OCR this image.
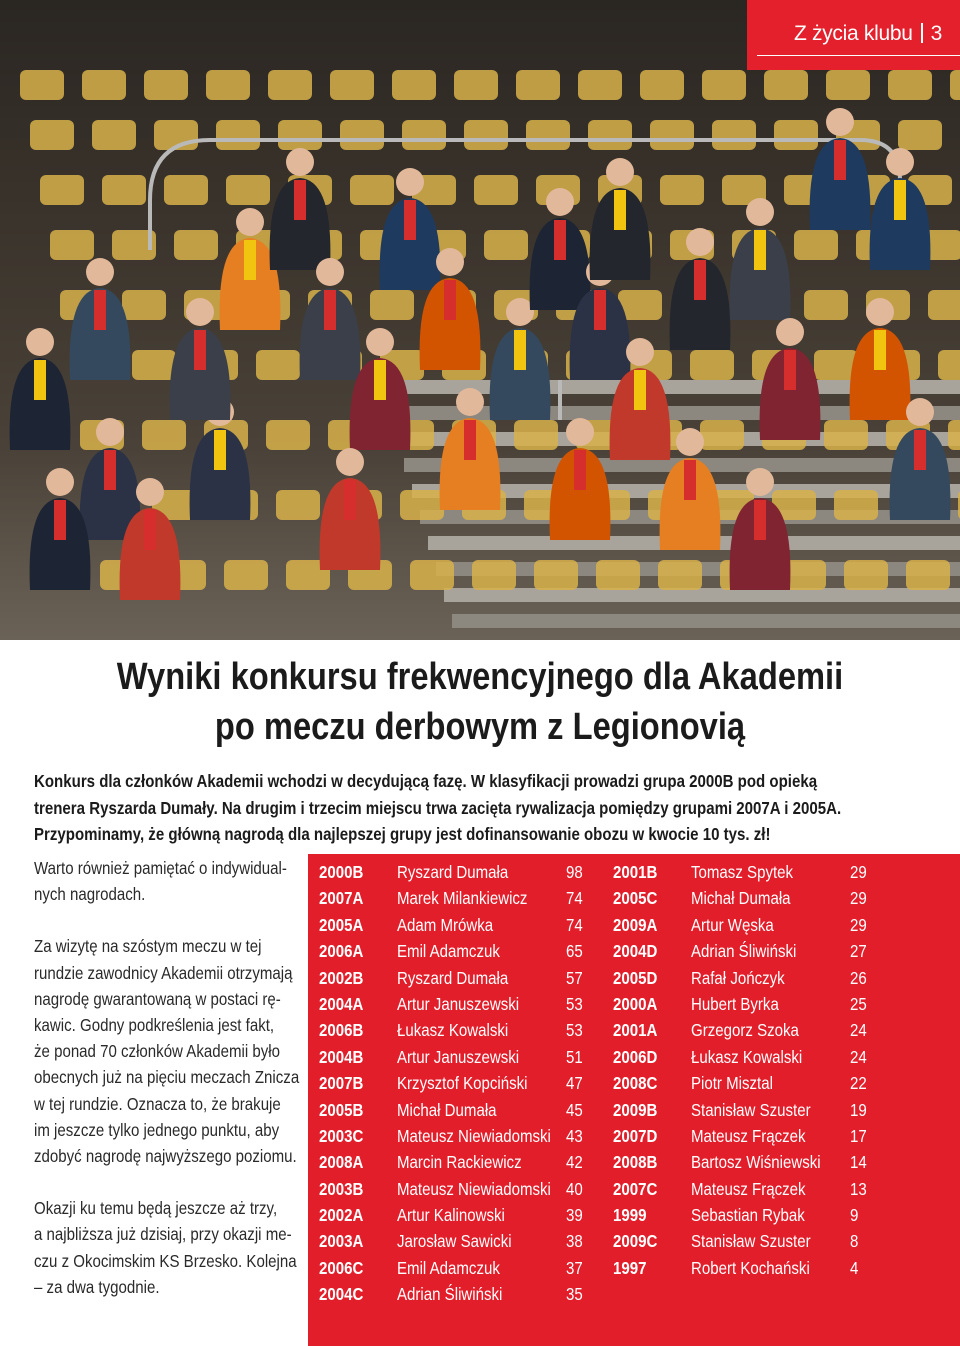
Z życia klubu 3
Wyniki konkursu frekwencyjnego dla Akademii
po meczu derbowym z Legionovią
Konkurs dla członków Akademii wchodzi w decydującą fazę. W klasyfikacji prowadzi grupa 2000B pod opieką
trenera Ryszarda Dumały. Na drugim i trzecim miejscu trwa zacięta rywalizacja pomiędzy grupami 2007A i 2005A.
Przypominamy, że główną nagrodą dla najlepszej grupy jest dofinansowanie obozu w kwocie 10 tys. zł!
Warto również pamiętać o indywidual-
nych nagrodach.
Za wizytę na szóstym meczu w tej
rundzie zawodnicy Akademii otrzymają
nagrodę gwarantowaną w postaci rę-
kawic. Godny podkreślenia jest fakt,
że ponad 70 członków Akademii było
obecnych już na pięciu meczach Znicza
w tej rundzie. Oznacza to, że brakuje
im jeszcze tylko jednego punktu, aby
zdobyć nagrodę najwyższego poziomu.
Okazji ku temu będą jeszcze aż trzy,
a najbliższa już dzisiaj, przy okazji me-
czu z Okocimskim KS Brzesko. Kolejna
– za dwa tygodnie.
2000B Ryszard Dumała	98
2007A Marek Milankiewicz 74
2005A Adam Mrówka	74
2006A Emil Adamczuk	65
2002B Ryszard Dumała	57
2004A Artur Januszewski	53
2006B Łukasz Kowalski	53
2004B Artur Januszewski	51
2007B Krzysztof Kopciński 47
2005B Michał Dumała	45
2003C Mateusz Niewiadomski 43
2008A Marcin Rackiewicz	42
2003B Mateusz Niewiadomski 40
2002A Artur Kalinowski	39
2003A Jarosław Sawicki	38
2006C Emil Adamczuk	37
2004C Adrian Śliwiński	35
2001B Tomasz Spytek	29
2005C Michał Dumała	29
2009A Artur Węska	29
2004D Adrian Śliwiński	27
2005D Rafał Jończyk	26
2000A Hubert Byrka	25
2001A Grzegorz Szoka	24
2006D Łukasz Kowalski	24
2008C Piotr Misztal	22
2009B Stanisław Szuster 19
2007D Mateusz Frączek	17
2008B Bartosz Wiśniewski 14
2007C Mateusz Frączek	13
1999	Sebastian Rybak	9
2009C Stanisław Szuster 8
1997	Robert Kochański 4
